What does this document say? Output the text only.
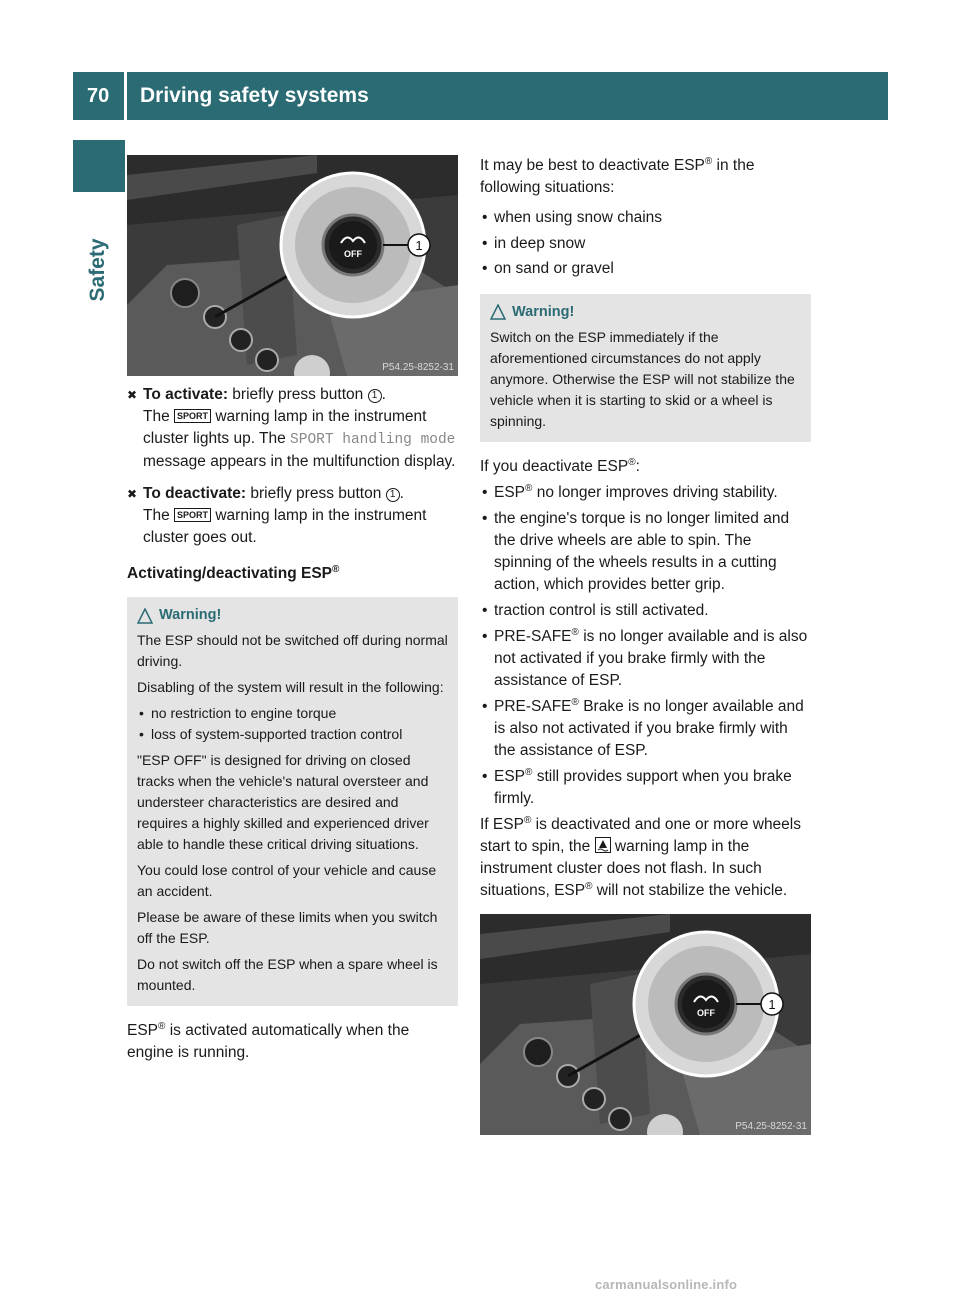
70	Driving safety systems
Safety	OFF
1
P54.25-8252-31
✖ To activate: briefly press button 1 .
The SPORT warning lamp in the instrument cluster lights up. The SPORT handling mode message appears in the multifunction display.
✖ To deactivate: briefly press button 1 .
The SPORT warning lamp in the instrument cluster goes out.
Activating/deactivating ESP®
Warning!

The ESP should not be switched off during normal driving.

Disabling of the system will result in the following:

• no restriction to engine torque
• loss of system-supported traction control

"ESP OFF" is designed for driving on closed tracks when the vehicle's natural oversteer and understeer characteristics are desired and requires a highly skilled and experienced driver able to handle these critical driving situations.

You could lose control of your vehicle and cause an accident.

Please be aware of these limits when you switch off the ESP.

Do not switch off the ESP when a spare wheel is mounted.

ESP® is activated automatically when the engine is running.
It may be best to deactivate ESP® in the following situations:
• when using snow chains
• in deep snow
• on sand or gravel
Warning!

Switch on the ESP immediately if the aforementioned circumstances do not apply anymore. Otherwise the ESP will not stabilize the vehicle when it is starting to skid or a wheel is spinning.

If you deactivate ESP®:
• ESP® no longer improves driving stability.
• the engine's torque is no longer limited and the drive wheels are able to spin. The spinning of the wheels results in a cutting action, which provides better grip.
• traction control is still activated.
• PRE-SAFE® is no longer available and is also not activated if you brake firmly with the assistance of ESP.
• PRE-SAFE® Brake is no longer available and is also not activated if you brake firmly with the assistance of ESP.
• ESP® still provides support when you brake firmly.
If ESP® is deactivated and one or more wheels start to spin, the  warning lamp in the instrument cluster does not flash. In such situations, ESP® will not stabilize the vehicle.
OFF
1
P54.25-8252-31
carmanualsonline.info
